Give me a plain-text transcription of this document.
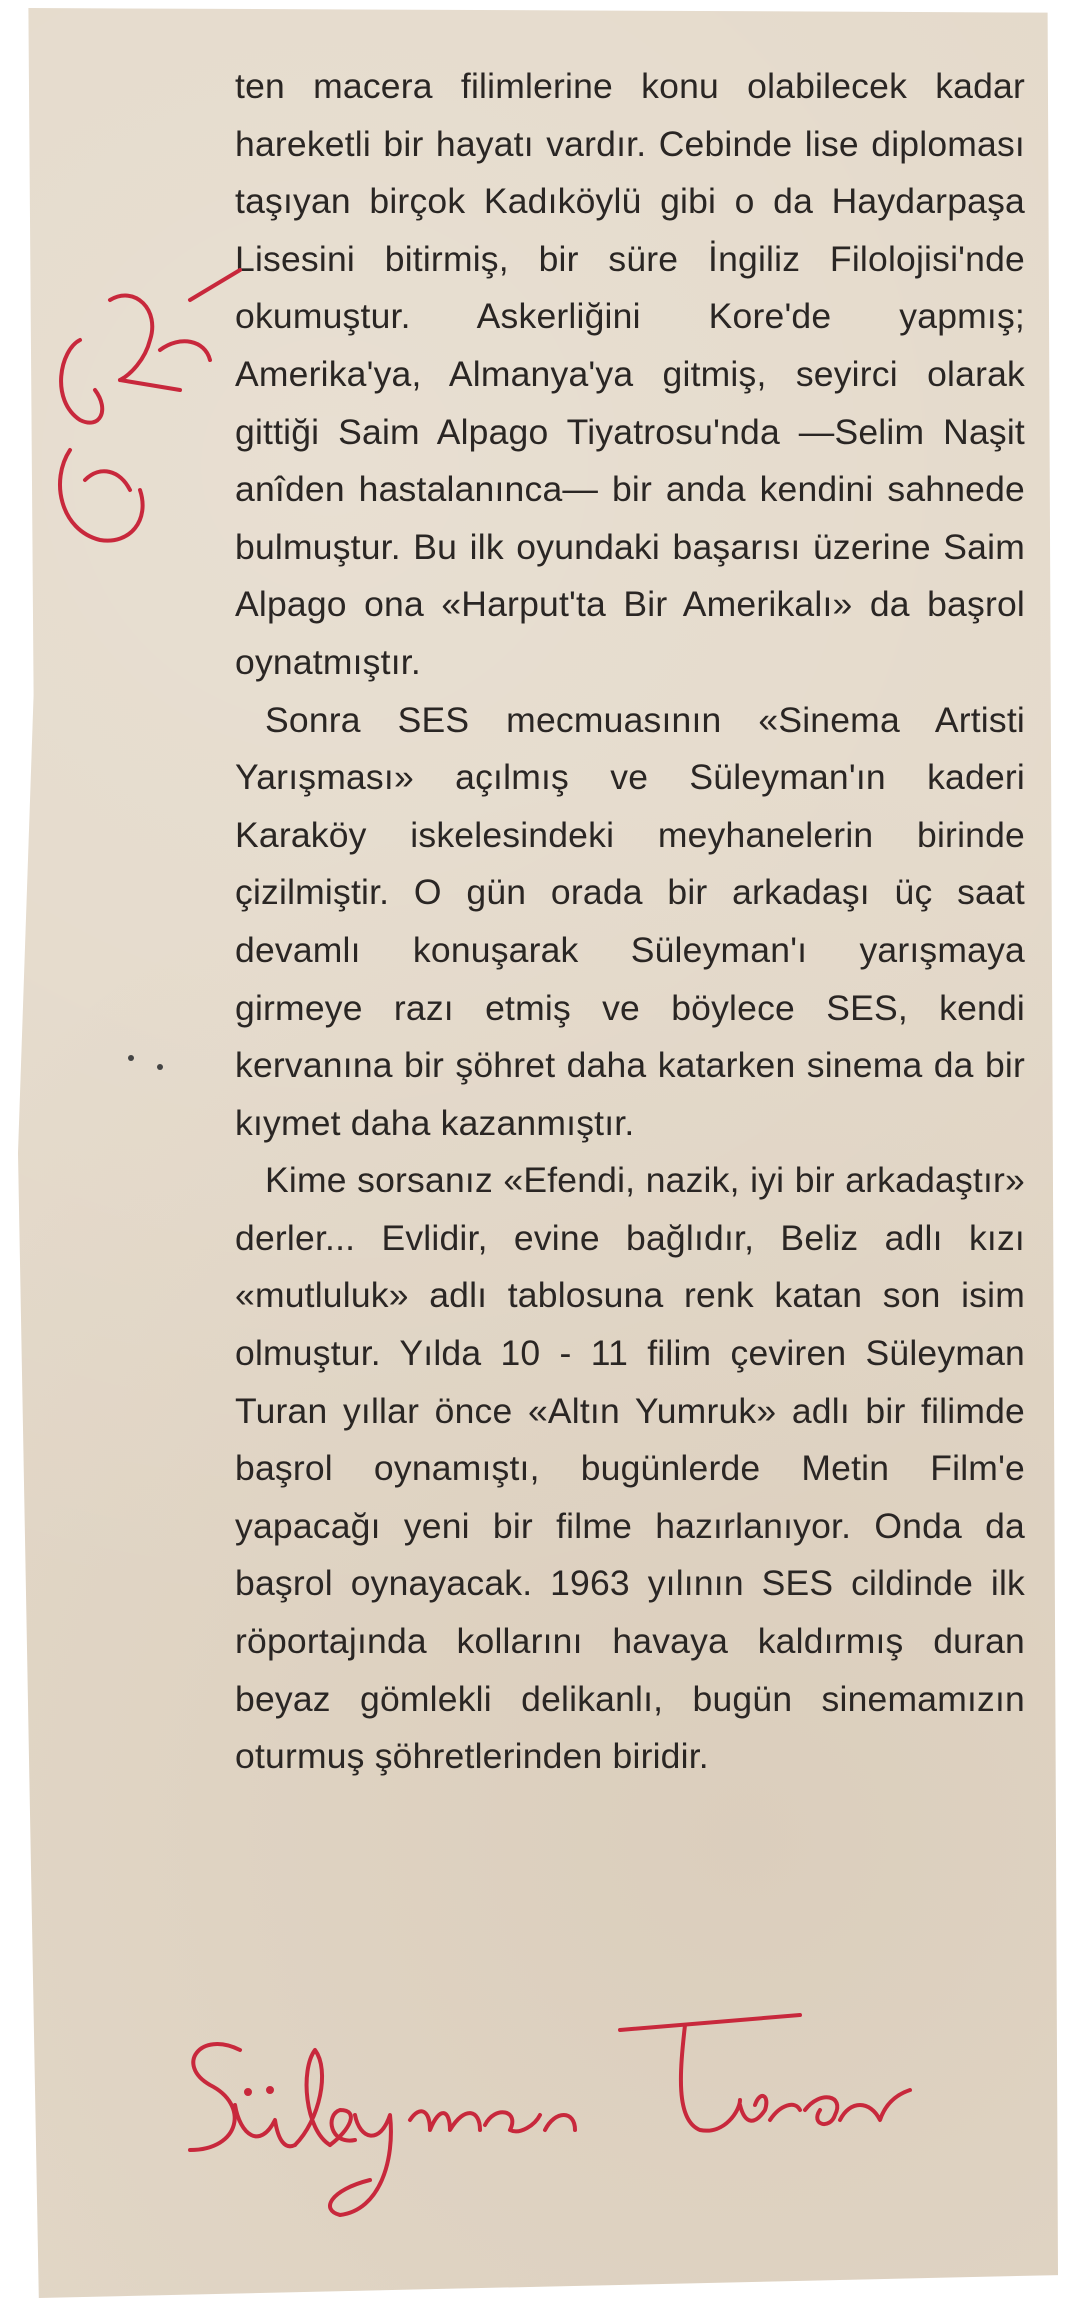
ten macera filimlerine konu olabilecek kadar hareketli bir hayatı vardır. Cebinde lise diploması taşıyan birçok Kadıköylü gibi o da Haydarpaşa Lisesini bitirmiş, bir süre İngiliz Filolojisi'nde okumuştur. Askerliğini Kore'de yapmış; Amerika'ya, Almanya'ya gitmiş, seyirci olarak gittiği Saim Alpago Tiyatrosu'nda —Selim Naşit anîden hastalanınca— bir anda kendini sahnede bulmuştur. Bu ilk oyundaki başarısı üzerine Saim Alpago ona «Harput'ta Bir Amerikalı» da başrol oynatmıştır.

Sonra SES mecmuasının «Sinema Artisti Yarışması» açılmış ve Süleyman'ın kaderi Karaköy iskelesindeki meyhanelerin birinde çizilmiştir. O gün orada bir arkadaşı üç saat devamlı konuşarak Süleyman'ı yarışmaya girmeye razı etmiş ve böylece SES, kendi kervanına bir şöhret daha katarken sinema da bir kıymet daha kazanmıştır.

Kime sorsanız «Efendi, nazik, iyi bir arkadaştır» derler... Evlidir, evine bağlıdır, Beliz adlı kızı «mutluluk» adlı tablosuna renk katan son isim olmuştur. Yılda 10 - 11 filim çeviren Süleyman Turan yıllar önce «Altın Yumruk» adlı bir filimde başrol oynamıştı, bugünlerde Metin Film'e yapacağı yeni bir filme hazırlanıyor. Onda da başrol oynayacak. 1963 yılının SES cildinde ilk röportajında kollarını havaya kaldırmış duran beyaz gömlekli delikanlı, bugün sinemamızın oturmuş şöhretlerinden biridir.
